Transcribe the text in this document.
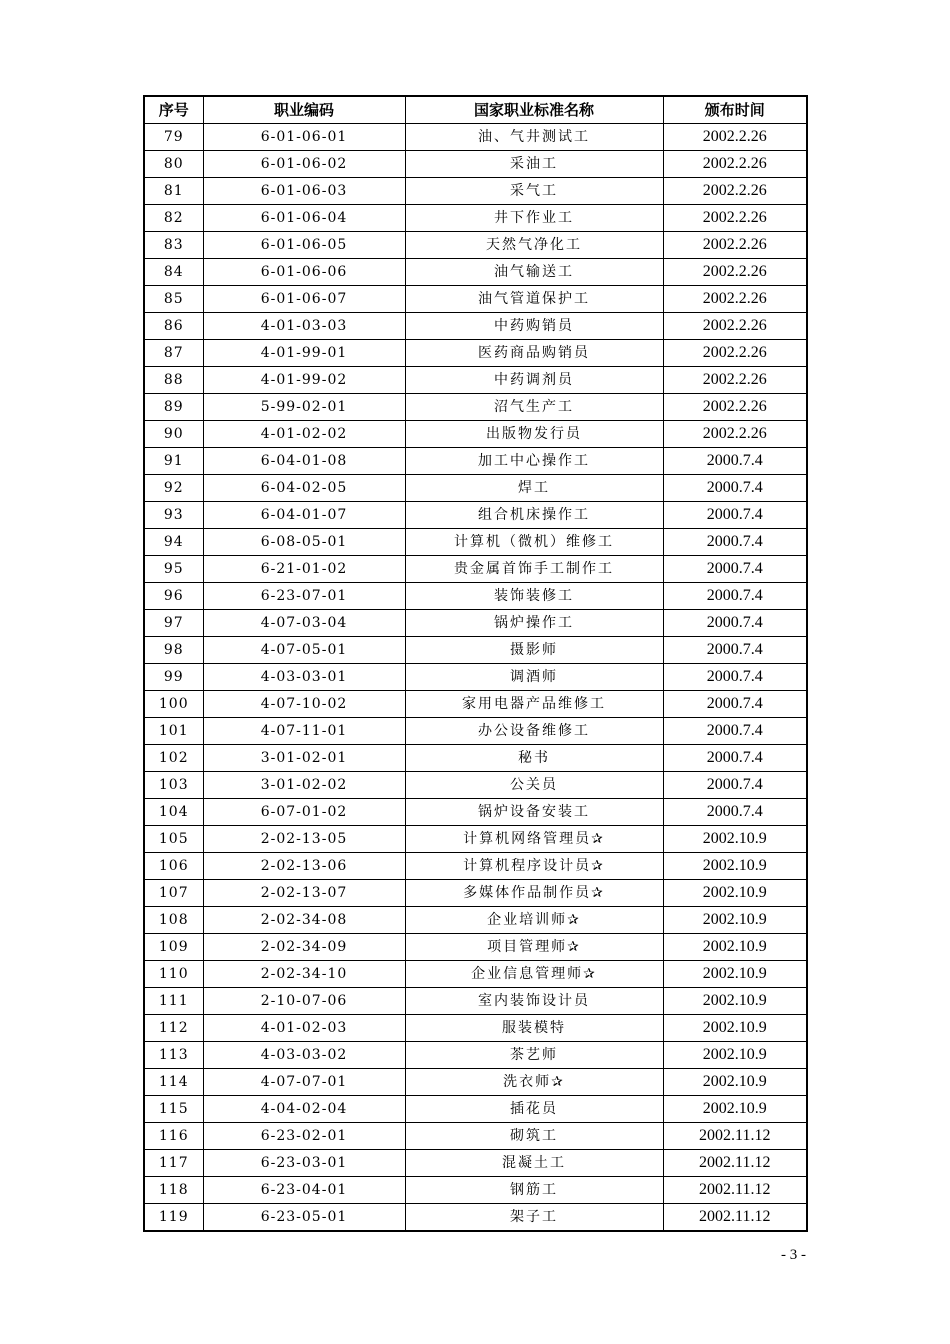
序号	职业编码	国家职业标准名称	颁布时间
79	6-01-06-01	油、气井测试工	2002.2.26
80	6-01-06-02	采油工	2002.2.26
81	6-01-06-03	采气工	2002.2.26
82	6-01-06-04	井下作业工	2002.2.26
83	6-01-06-05	天然气净化工	2002.2.26
84	6-01-06-06	油气输送工	2002.2.26
85	6-01-06-07	油气管道保护工	2002.2.26
86	4-01-03-03	中药购销员	2002.2.26
87	4-01-99-01	医药商品购销员	2002.2.26
88	4-01-99-02	中药调剂员	2002.2.26
89	5-99-02-01	沼气生产工	2002.2.26
90	4-01-02-02	出版物发行员	2002.2.26
91	6-04-01-08	加工中心操作工	2000.7.4
92	6-04-02-05	焊工	2000.7.4
93	6-04-01-07	组合机床操作工	2000.7.4
94	6-08-05-01	计算机（微机）维修工	2000.7.4
95	6-21-01-02	贵金属首饰手工制作工	2000.7.4
96	6-23-07-01	装饰装修工	2000.7.4
97	4-07-03-04	锅炉操作工	2000.7.4
98	4-07-05-01	摄影师	2000.7.4
99	4-03-03-01	调酒师	2000.7.4
100	4-07-10-02	家用电器产品维修工	2000.7.4
101	4-07-11-01	办公设备维修工	2000.7.4
102	3-01-02-01	秘书	2000.7.4
103	3-01-02-02	公关员	2000.7.4
104	6-07-01-02	锅炉设备安装工	2000.7.4
105	2-02-13-05	计算机网络管理员✰	2002.10.9
106	2-02-13-06	计算机程序设计员✰	2002.10.9
107	2-02-13-07	多媒体作品制作员✰	2002.10.9
108	2-02-34-08	企业培训师✰	2002.10.9
109	2-02-34-09	项目管理师✰	2002.10.9
110	2-02-34-10	企业信息管理师✰	2002.10.9
111	2-10-07-06	室内装饰设计员	2002.10.9
112	4-01-02-03	服装模特	2002.10.9
113	4-03-03-02	茶艺师	2002.10.9
114	4-07-07-01	洗衣师✰	2002.10.9
115	4-04-02-04	插花员	2002.10.9
116	6-23-02-01	砌筑工	2002.11.12
117	6-23-03-01	混凝土工	2002.11.12
118	6-23-04-01	钢筋工	2002.11.12
119	6-23-05-01	架子工	2002.11.12
- 3 -
